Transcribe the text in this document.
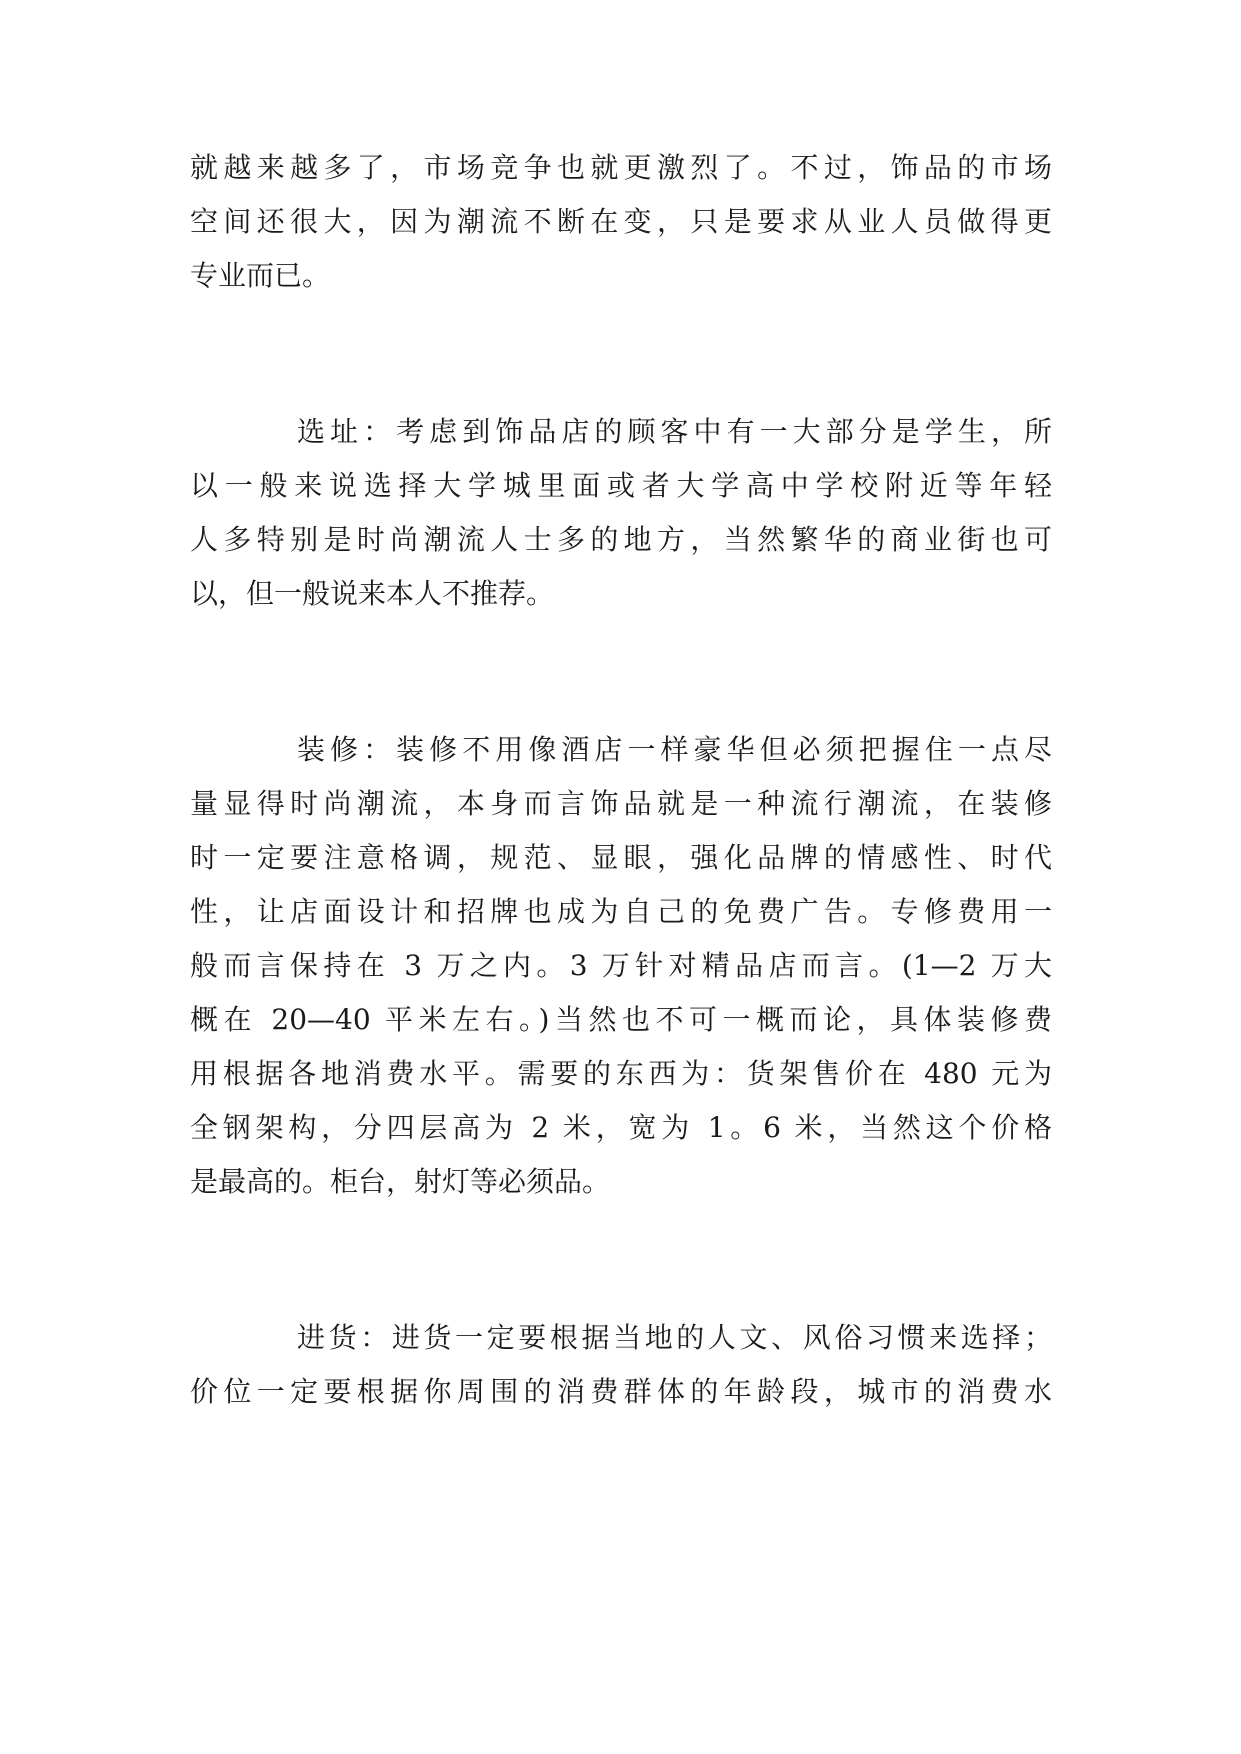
就越来越多了，市场竞争也就更激烈了。不过，饰品的市场
空间还很大，因为潮流不断在变，只是要求从业人员做得更
专业而已。
选址：考虑到饰品店的顾客中有一大部分是学生，所
以一般来说选择大学城里面或者大学高中学校附近等年轻
人多特别是时尚潮流人士多的地方，当然繁华的商业街也可
以，但一般说来本人不推荐。
装修：装修不用像酒店一样豪华但必须把握住一点尽
量显得时尚潮流，本身而言饰品就是一种流行潮流，在装修
时一定要注意格调，规范、显眼，强化品牌的情感性、时代
性，让店面设计和招牌也成为自己的免费广告。专修费用一
般而言保持在 3 万之内。3 万针对精品店而言。(1—2 万大
概在 20—40 平米左右。)当然也不可一概而论，具体装修费
用根据各地消费水平。需要的东西为：货架售价在 480 元为
全钢架构，分四层高为 2 米，宽为 1。6 米，当然这个价格
是最高的。柜台，射灯等必须品。
进货：进货一定要根据当地的人文、风俗习惯来选择；
价位一定要根据你周围的消费群体的年龄段，城市的消费水
